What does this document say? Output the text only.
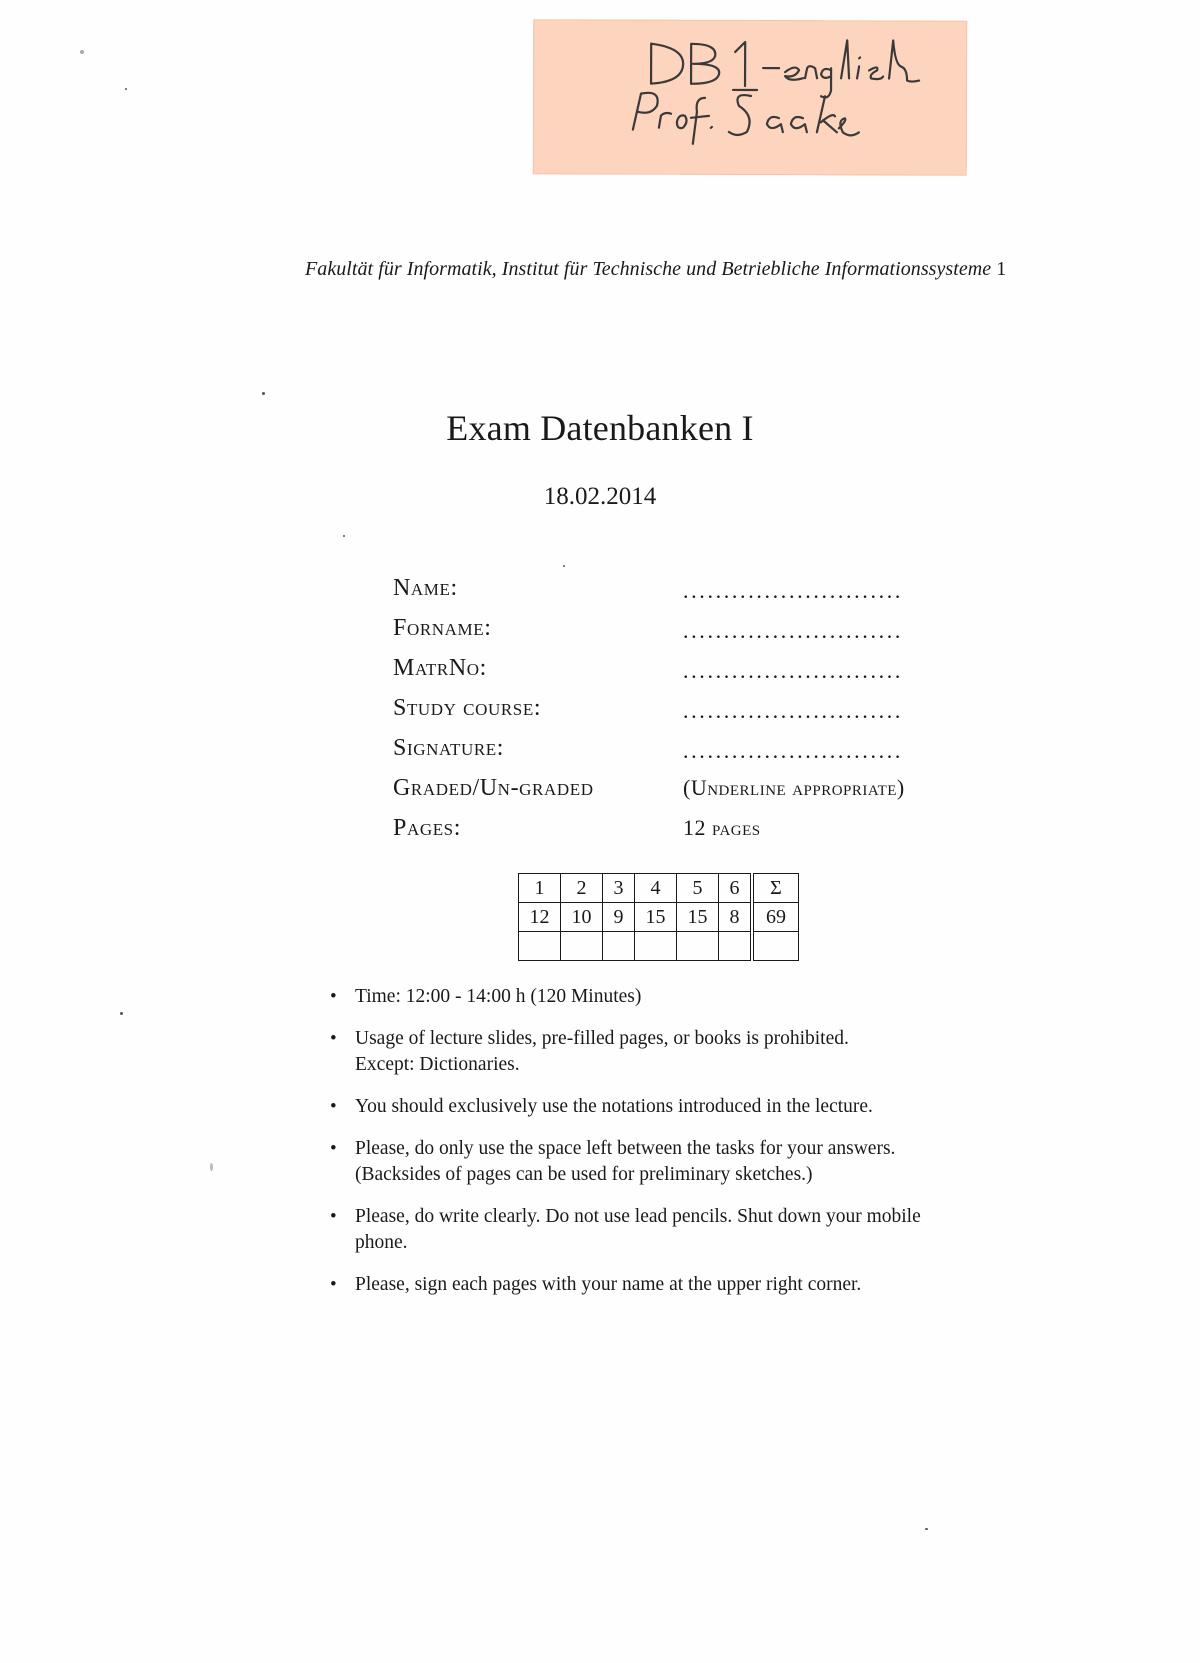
Fakultät für Informatik, Institut für Technische und Betriebliche Informationssysteme 1
Exam Datenbanken I
18.02.2014
Name:	...........................
Forname:	...........................
MatrNo:	...........................
Study course:	...........................
Signature:	...........................
Graded/Un-graded	(Underline appropriate)
Pages:	12 pages
1	2	3	4	5	6	Σ
12	10	9	15	15	8	69

• Time: 12:00 - 14:00 h (120 Minutes)
• Usage of lecture slides, pre-filled pages, or books is prohibited.
Except: Dictionaries.
• You should exclusively use the notations introduced in the lecture.
• Please, do only use the space left between the tasks for your answers.
(Backsides of pages can be used for preliminary sketches.)
• Please, do write clearly. Do not use lead pencils. Shut down your mobile
phone.
• Please, sign each pages with your name at the upper right corner.
